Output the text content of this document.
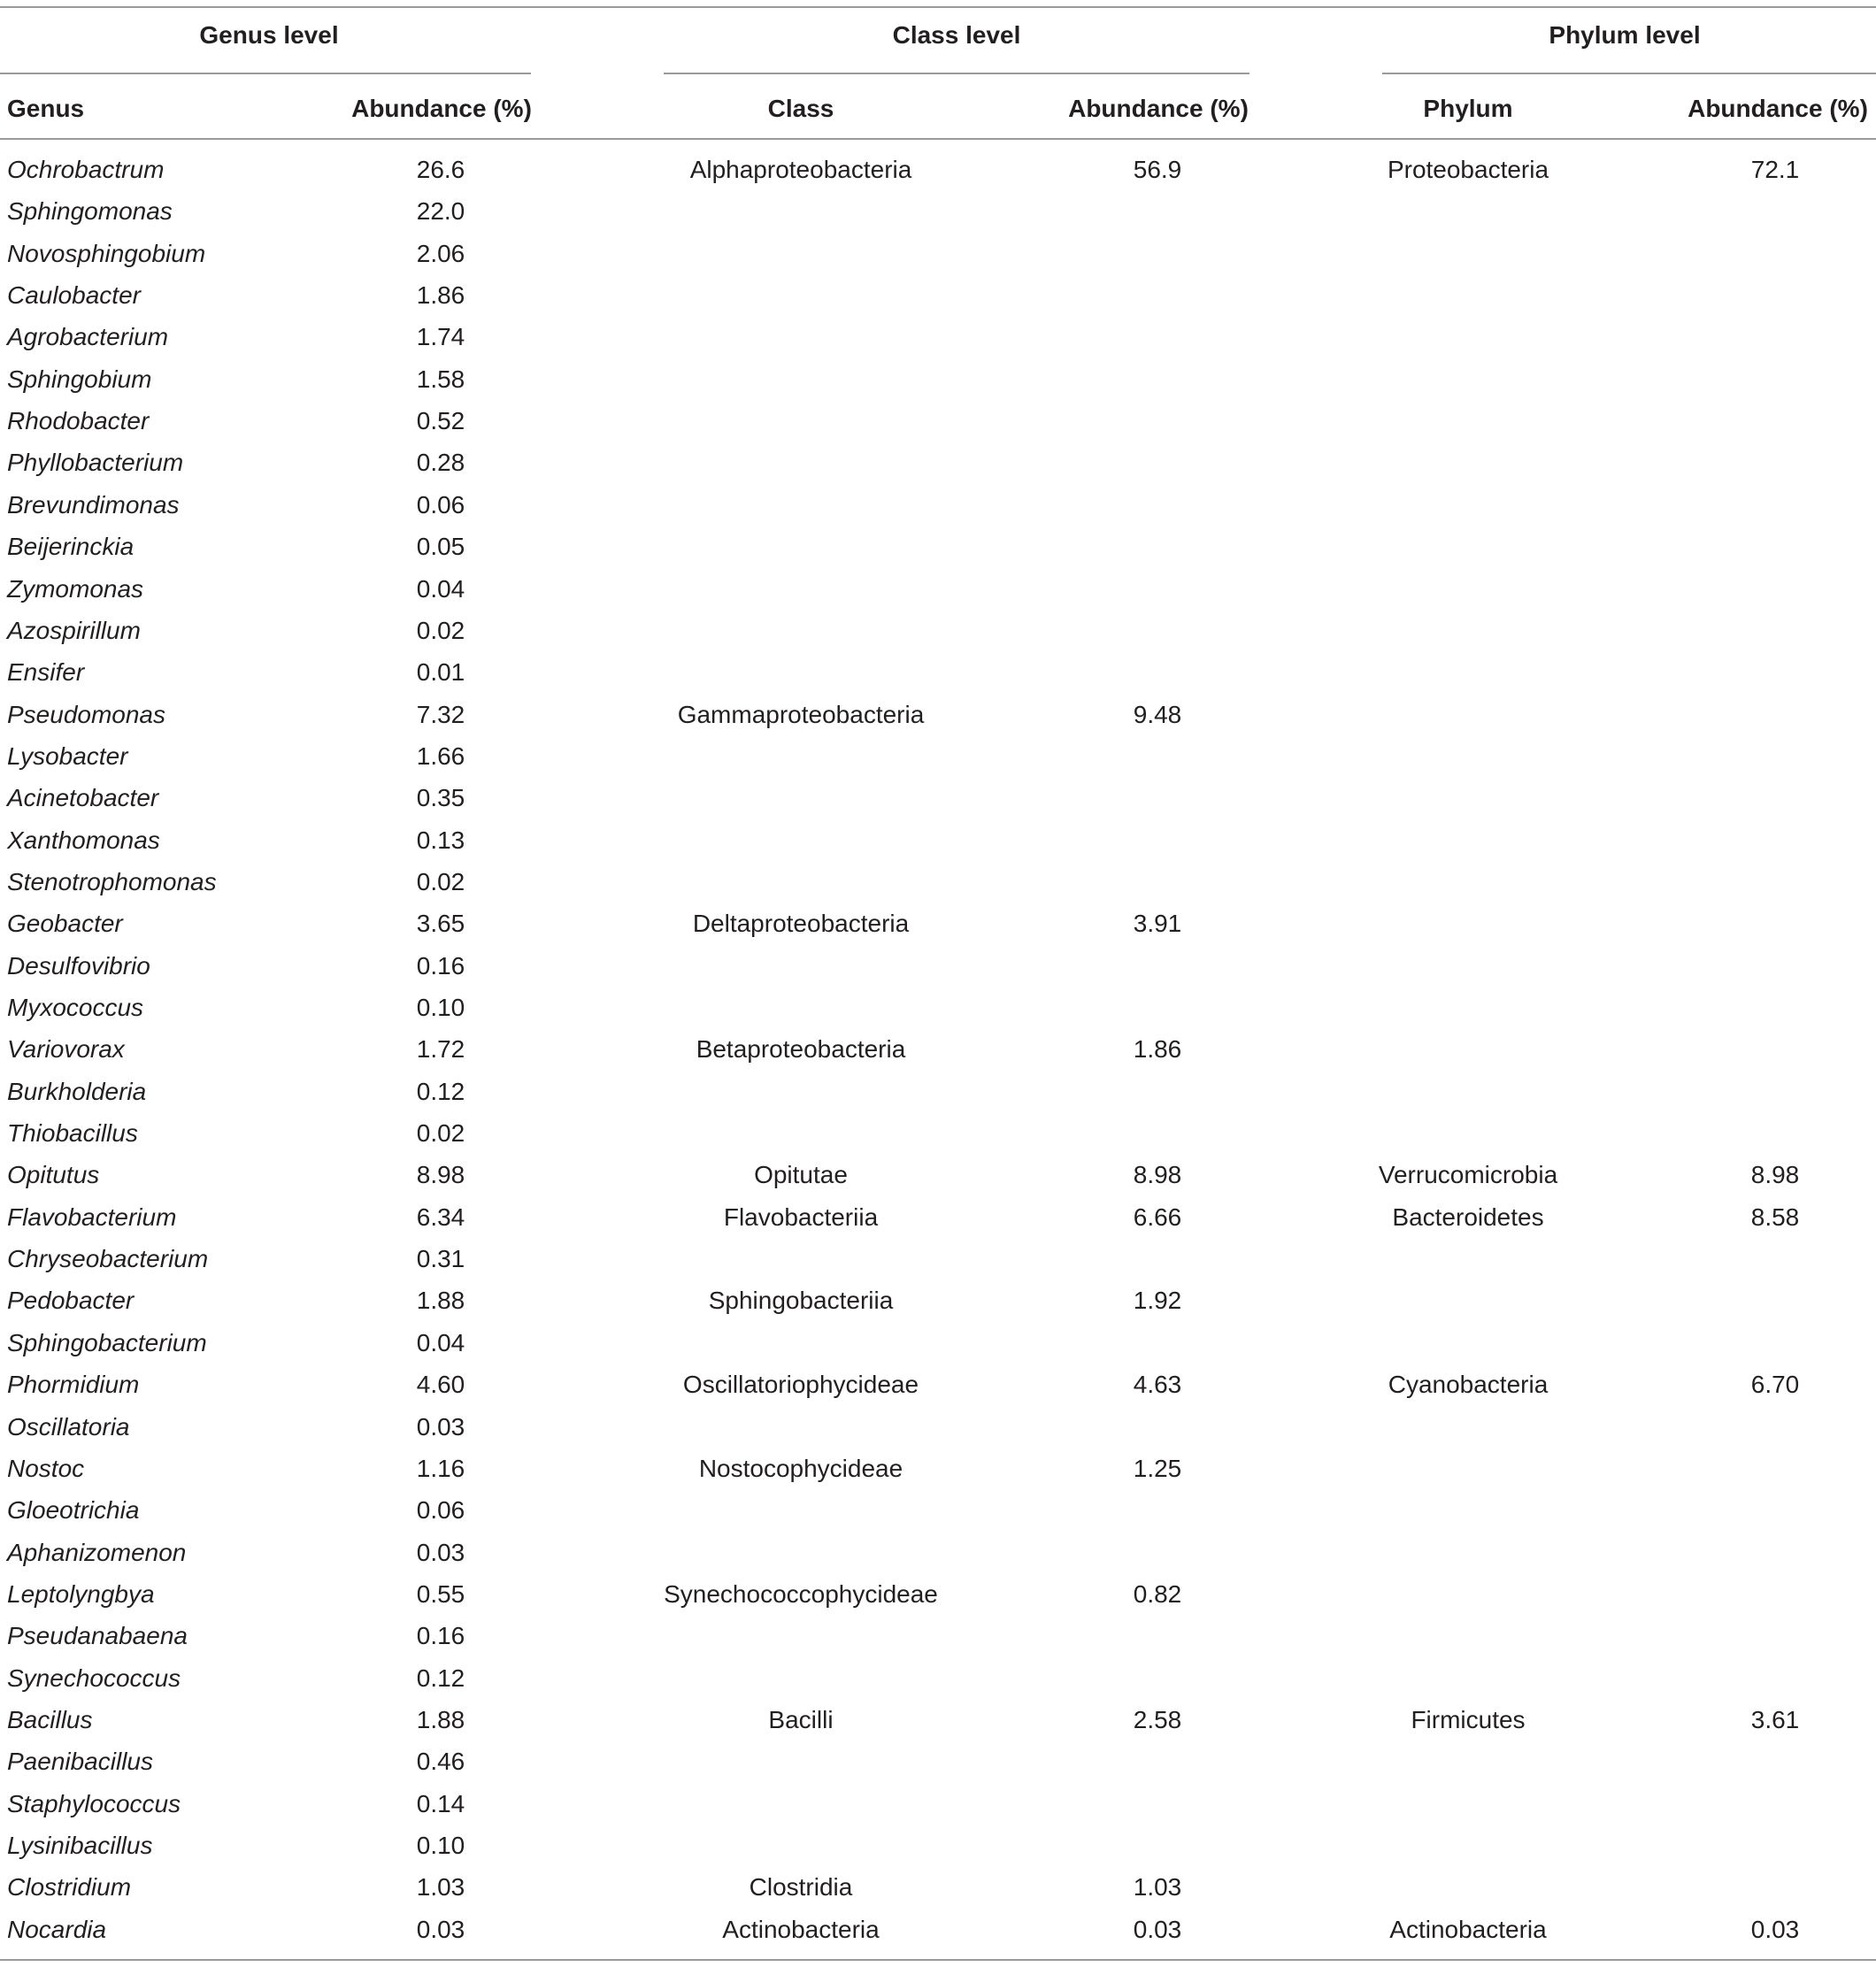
Genus level	Class level	Phylum level
Genus	Abundance (%)	Class	Abundance (%)	Phylum	Abundance (%)
Ochrobactrum	26.6	Alphaproteobacteria	56.9	Proteobacteria	72.1
Sphingomonas	22.0
Novosphingobium	2.06
Caulobacter	1.86
Agrobacterium	1.74
Sphingobium	1.58
Rhodobacter	0.52
Phyllobacterium	0.28
Brevundimonas	0.06
Beijerinckia	0.05
Zymomonas	0.04
Azospirillum	0.02
Ensifer	0.01
Pseudomonas	7.32	Gammaproteobacteria	9.48
Lysobacter	1.66
Acinetobacter	0.35
Xanthomonas	0.13
Stenotrophomonas	0.02
Geobacter	3.65	Deltaproteobacteria	3.91
Desulfovibrio	0.16
Myxococcus	0.10
Variovorax	1.72	Betaproteobacteria	1.86
Burkholderia	0.12
Thiobacillus	0.02
Opitutus	8.98	Opitutae	8.98	Verrucomicrobia	8.98
Flavobacterium	6.34	Flavobacteriia	6.66	Bacteroidetes	8.58
Chryseobacterium	0.31
Pedobacter	1.88	Sphingobacteriia	1.92
Sphingobacterium	0.04
Phormidium	4.60	Oscillatoriophycideae	4.63	Cyanobacteria	6.70
Oscillatoria	0.03
Nostoc	1.16	Nostocophycideae	1.25
Gloeotrichia	0.06
Aphanizomenon	0.03
Leptolyngbya	0.55	Synechococcophycideae	0.82
Pseudanabaena	0.16
Synechococcus	0.12
Bacillus	1.88	Bacilli	2.58	Firmicutes	3.61
Paenibacillus	0.46
Staphylococcus	0.14
Lysinibacillus	0.10
Clostridium	1.03	Clostridia	1.03
Nocardia	0.03	Actinobacteria	0.03	Actinobacteria	0.03
